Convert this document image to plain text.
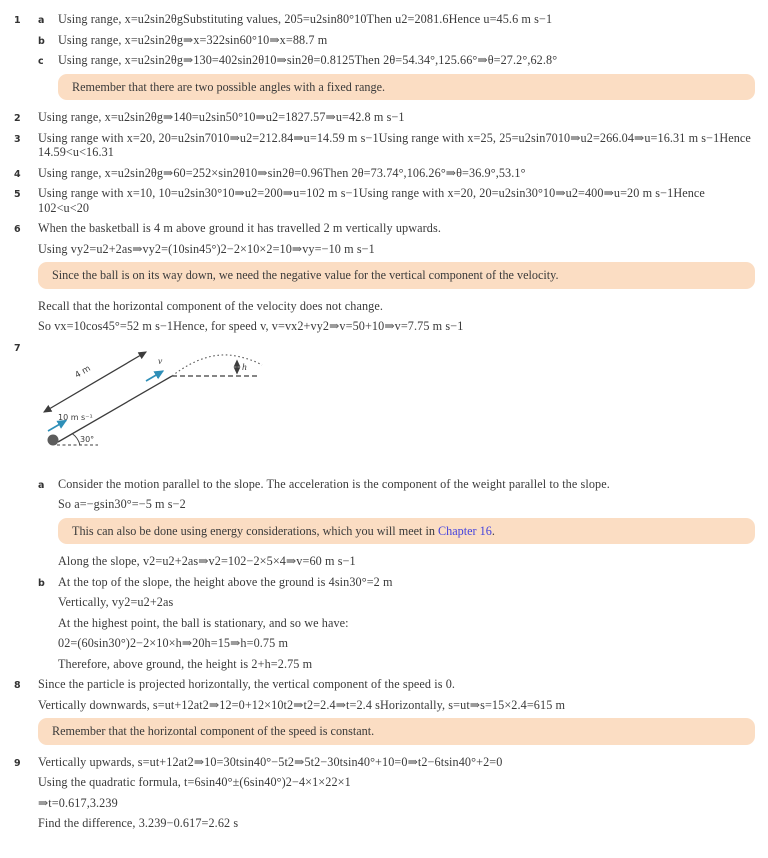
1	a	Using range, x=u2sin2θgSubstituting values, 205=u2sin80°10Then u2=2081.6Hence u=45.6 m s−1

b	Using range, x=u2sin2θg⇒x=322sin60°10⇒x=88.7 m

c	Using range, x=u2sin2θg⇒130=402sin2θ10⇒sin2θ=0.8125Then 2θ=54.34°,125.66°⇒θ=27.2°,62.8°

Remember that there are two possible angles with a fixed range.
2	Using range, x=u2sin2θg⇒140=u2sin50°10⇒u2=1827.57⇒u=42.8 m s−1

3	Using range with x=20, 20=u2sin7010⇒u2=212.84⇒u=14.59 m s−1Using range with x=25, 25=u2sin7010⇒u2=266.04⇒u=16.31 m s−1Hence 14.59<u<16.31

4	Using range, x=u2sin2θg⇒60=252×sin2θ10⇒sin2θ=0.96Then 2θ=73.74°,106.26°⇒θ=36.9°,53.1°

5	Using range with x=10, 10=u2sin30°10⇒u2=200⇒u=102 m s−1Using range with x=20, 20=u2sin30°10⇒u2=400⇒u=20 m s−1Hence 102<u<20

6	When the basketball is 4 m above ground it has travelled 2 m vertically upwards.

Using vy2=u2+2as⇒vy2=(10sin45°)2−2×10×2=10⇒vy=−10 m s−1

Since the ball is on its way down, we need the negative value for the vertical component of the velocity.

Recall that the horizontal component of the velocity does not change.

So vx=10cos45°=52 m s−1Hence, for speed v, v=vx2+vy2⇒v=50+10⇒v=7.75 m s−1

7
4 m	h
v
10 m s⁻¹
30°
a	Consider the motion parallel to the slope. The acceleration is the component of the weight parallel to the slope.

So a=−gsin30°=−5 m s−2

This can also be done using energy considerations, which you will meet in Chapter 16.

Along the slope, v2=u2+2as⇒v2=102−2×5×4⇒v=60 m s−1

b	At the top of the slope, the height above the ground is 4sin30°=2 m

Vertically, vy2=u2+2as

At the highest point, the ball is stationary, and so we have:

02=(60sin30°)2−2×10×h⇒20h=15⇒h=0.75 m

Therefore, above ground, the height is 2+h=2.75 m

8	Since the particle is projected horizontally, the vertical component of the speed is 0.

Vertically downwards, s=ut+12at2⇒12=0+12×10t2⇒t2=2.4⇒t=2.4 sHorizontally, s=ut⇒s=15×2.4=615 m

Remember that the horizontal component of the speed is constant.
9	Vertically upwards, s=ut+12at2⇒10=30tsin40°−5t2⇒5t2−30tsin40°+10=0⇒t2−6tsin40°+2=0

Using the quadratic formula, t=6sin40°±(6sin40°)2−4×1×22×1

⇒t=0.617,3.239

Find the difference, 3.239−0.617=2.62 s
